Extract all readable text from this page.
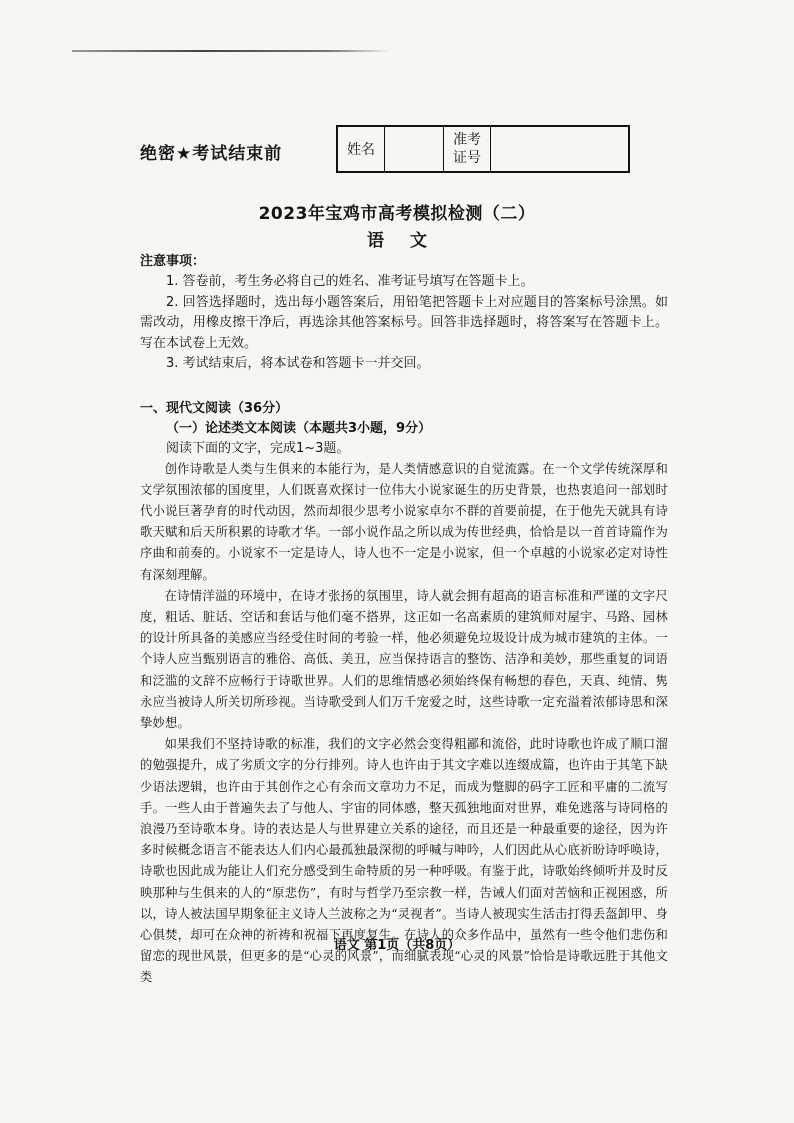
绝密★考试结束前	姓名
准考
证号
2023年宝鸡市高考模拟检测（二）
语文
注意事项：

1. 答卷前，考生务必将自己的姓名、准考证号填写在答题卡上。

2. 回答选择题时，选出每小题答案后，用铅笔把答题卡上对应题目的答案标号涂黑。如需改动，用橡皮擦干净后，再选涂其他答案标号。回答非选择题时，将答案写在答题卡上。写在本试卷上无效。

3. 考试结束后，将本试卷和答题卡一并交回。

一、现代文阅读（36分）
（一）论述类文本阅读（本题共3小题，9分）

阅读下面的文字，完成1~3题。

创作诗歌是人类与生俱来的本能行为，是人类情感意识的自觉流露。在一个文学传统深厚和文学氛围浓郁的国度里，人们既喜欢探讨一位伟大小说家诞生的历史背景，也热衷追问一部划时代小说巨著孕育的时代动因，然而却很少思考小说家卓尔不群的首要前提，在于他先天就具有诗歌天赋和后天所积累的诗歌才华。一部小说作品之所以成为传世经典，恰恰是以一首首诗篇作为序曲和前奏的。小说家不一定是诗人，诗人也不一定是小说家，但一个卓越的小说家必定对诗性有深刻理解。

在诗情洋溢的环境中，在诗才张扬的氛围里，诗人就会拥有超高的语言标准和严谨的文字尺度，粗话、脏话、空话和套话与他们毫不搭界，这正如一名高素质的建筑师对屋宇、马路、园林的设计所具备的美感应当经受住时间的考验一样，他必须避免垃圾设计成为城市建筑的主体。一个诗人应当甄别语言的雅俗、高低、美丑，应当保持语言的整饬、洁净和美妙，那些重复的词语和泛滥的文辞不应畅行于诗歌世界。人们的思维情感必须始终保有畅想的春色，天真、纯情、隽永应当被诗人所关切所珍视。当诗歌受到人们万千宠爱之时，这些诗歌一定充溢着浓郁诗思和深挚妙想。

如果我们不坚持诗歌的标准，我们的文字必然会变得粗鄙和流俗，此时诗歌也许成了顺口溜的勉强提升，成了劣质文字的分行排列。诗人也许由于其文字难以连缀成篇，也许由于其笔下缺少语法逻辑，也许由于其创作之心有余而文章功力不足，而成为蹩脚的码字工匠和平庸的二流写手。一些人由于普遍失去了与他人、宇宙的同体感，整天孤独地面对世界，难免逃落与诗同格的浪漫乃至诗歌本身。诗的表达是人与世界建立关系的途径，而且还是一种最重要的途径，因为许多时候概念语言不能表达人们内心最孤独最深彻的呼喊与呻吟，人们因此从心底祈盼诗呼唤诗，诗歌也因此成为能让人们充分感受到生命特质的另一种呼吸。有鉴于此，诗歌始终倾听并及时反映那种与生俱来的人的“原悲伤”，有时与哲学乃至宗教一样，告诫人们面对苦恼和正视困惑，所以，诗人被法国早期象征主义诗人兰波称之为“灵视者”。当诗人被现实生活击打得丢盔卸甲、身心俱焚，却可在众神的祈祷和祝福下再度复生。在诗人的众多作品中，虽然有一些令他们悲伤和留恋的现世风景，但更多的是“心灵的风景”，而细腻表现“心灵的风景”恰恰是诗歌远胜于其他文类

语文 第1页（共8页）
